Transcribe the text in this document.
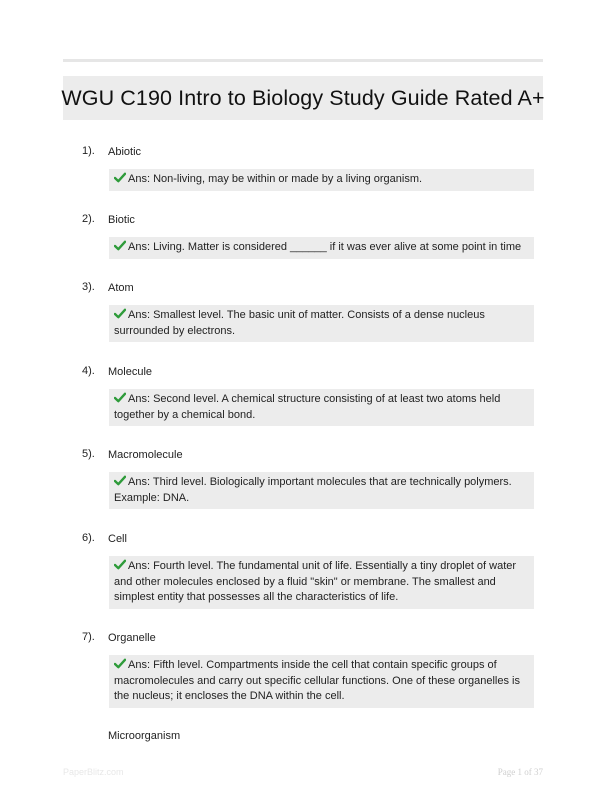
WGU C190 Intro to Biology Study Guide Rated A+
1). Abiotic
Ans: Non-living, may be within or made by a living organism.
2). Biotic
Ans: Living. Matter is considered ______ if it was ever alive at some point in time
3). Atom
Ans: Smallest level. The basic unit of matter. Consists of a dense nucleus surrounded by electrons.
4). Molecule
Ans: Second level. A chemical structure consisting of at least two atoms held together by a chemical bond.
5). Macromolecule
Ans: Third level. Biologically important molecules that are technically polymers. Example: DNA.
6). Cell
Ans: Fourth level. The fundamental unit of life. Essentially a tiny droplet of water and other molecules enclosed by a fluid "skin" or membrane. The smallest and simplest entity that possesses all the characteristics of life.
7). Organelle
Ans: Fifth level. Compartments inside the cell that contain specific groups of macromolecules and carry out specific cellular functions. One of these organelles is the nucleus; it encloses the DNA within the cell.
Microorganism
PaperBlitz.com	Page 1 of 37
